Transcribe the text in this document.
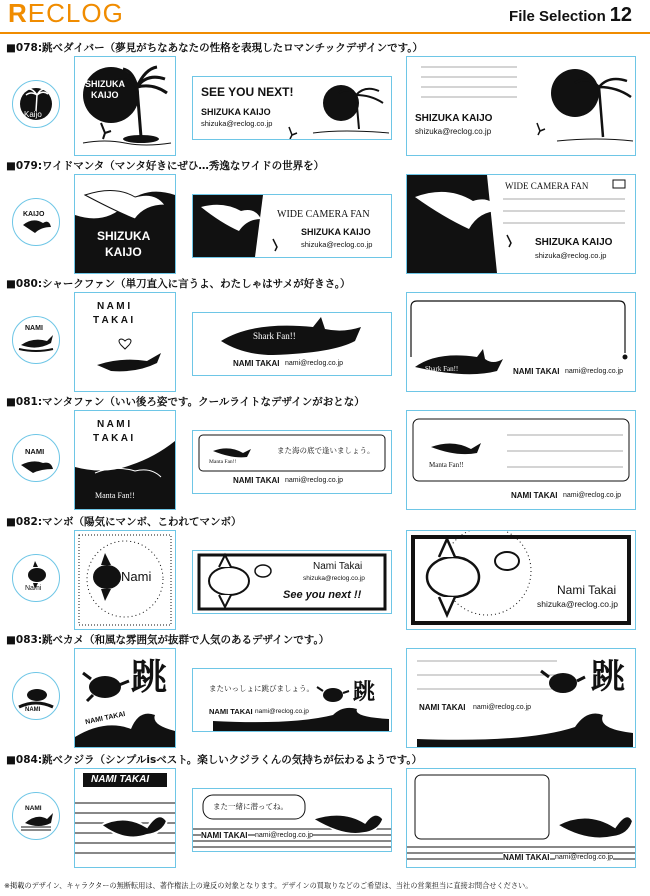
RECLOG	File Selection 12
■078:跳べダイバー（夢見がちなあなたの性格を表現したロマンチックデザインです。）
Kaijo
SHIZUKA
KAIJO	SEE YOU NEXT!
SHIZUKA KAIJO
shizuka@reclog.co.jp	SHIZUKA KAIJO
shizuka@reclog.co.jp
■079:ワイドマンタ（マンタ好きにぜひ…秀逸なワイドの世界を）
KAIJO
SHIZUKA
KAIJO
WIDE CAMERA FAN
SHIZUKA KAIJO
shizuka@reclog.co.jp
WIDE CAMERA FAN
SHIZUKA KAIJO
shizuka@reclog.co.jp
■080:シャークファン（単刀直入に言うよ、わたしゃはサメが好きさ。）
NAMI
N A M I
T A K A I
Shark Fan!!
NAMI TAKAI nami@reclog.co.jp
Shark Fan!!	NAMI TAKAI nami@reclog.co.jp
■081:マンタファン（いい後ろ姿です。クールライトなデザインがおとな）
NAMI
N A M I
T A K A I
Manta Fan!!
Manta Fan!!
また海の底で逢いましょう。
NAMI TAKAI nami@reclog.co.jp
Manta Fan!!
NAMI TAKAI nami@reclog.co.jp
■082:マンボ（陽気にマンボ、こわれてマンボ）
Nami
Nami
Nami Takai
shizuka@reclog.co.jp
See you next !!	Nami Takai
shizuka@reclog.co.jp
■083:跳べカメ（和風な雰囲気が抜群で人気のあるデザインです。）
NAMI
跳
NAMI TAKAI
跳
またいっしょに跳びましょう。
NAMI TAKAI nami@reclog.co.jp
跳
NAMI TAKAI nami@reclog.co.jp
■084:跳べクジラ（シンプルisベスト。楽しいクジラくんの気持ちが伝わるようです。）
NAMI
NAMI TAKAI
また一緒に潜ってね。
NAMI TAKAI nami@reclog.co.jp
NAMI TAKAI nami@reclog.co.jp
※掲載のデザイン、キャラクターの無断転用は、著作権法上の違反の対象となります。デザインの買取りなどのご希望は、当社の営業担当に直接お問合せください。
